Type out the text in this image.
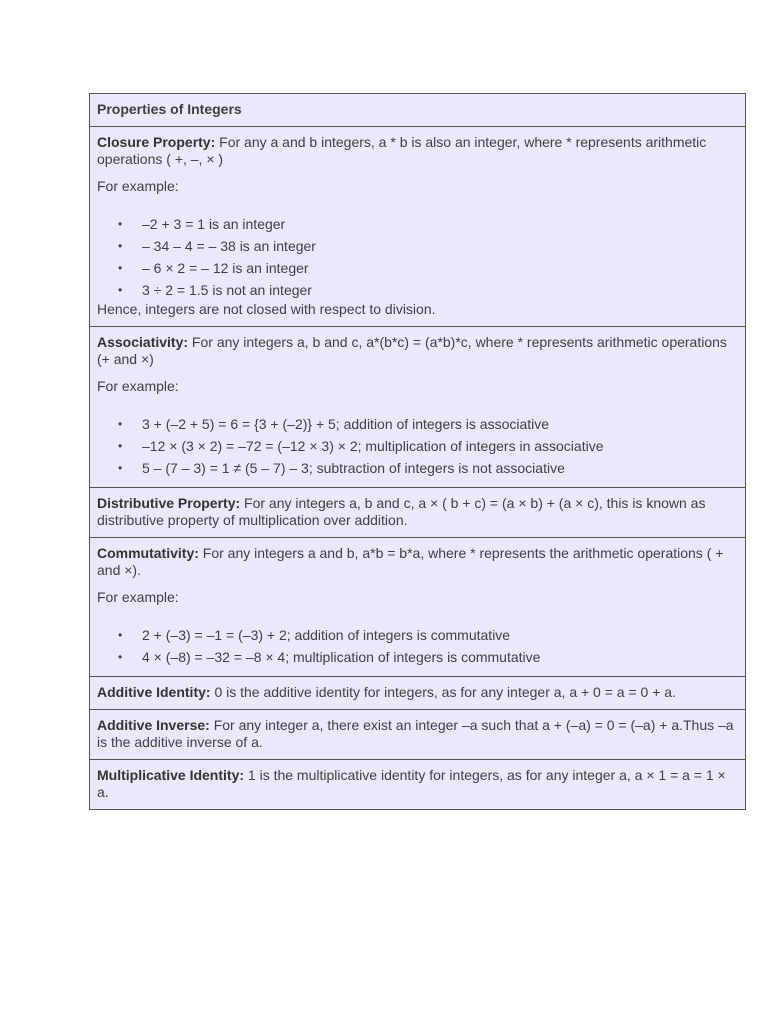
Properties of Integers

Closure Property: For any a and b integers, a * b is also an integer, where * represents arithmetic operations ( +, –, × )

For example:

• –2 + 3 = 1 is an integer
• – 34 – 4 = – 38 is an integer
• – 6 × 2 = – 12 is an integer
• 3 ÷ 2 = 1.5 is not an integer

Hence, integers are not closed with respect to division.

Associativity: For any integers a, b and c, a*(b*c) = (a*b)*c, where * represents arithmetic operations (+ and ×)

For example:

• 3 + (–2 + 5) = 6 = {3 + (–2)} + 5; addition of integers is associative
• –12 × (3 × 2) = –72 = (–12 × 3) × 2; multiplication of integers in associative
• 5 – (7 – 3) = 1 ≠ (5 – 7) – 3; subtraction of integers is not associative

Distributive Property: For any integers a, b and c, a × ( b + c) = (a × b) + (a × c), this is known as distributive property of multiplication over addition.

Commutativity: For any integers a and b, a*b = b*a, where * represents the arithmetic operations ( + and ×).

For example:

• 2 + (–3) = –1 = (–3) + 2; addition of integers is commutative
• 4 × (–8) = –32 = –8 × 4; multiplication of integers is commutative

Additive Identity: 0 is the additive identity for integers, as for any integer a, a + 0 = a = 0 + a.

Additive Inverse: For any integer a, there exist an integer –a such that a + (–a) = 0 = (–a) + a.Thus –a is the additive inverse of a.

Multiplicative Identity: 1 is the multiplicative identity for integers, as for any integer a, a × 1 = a = 1 × a.
